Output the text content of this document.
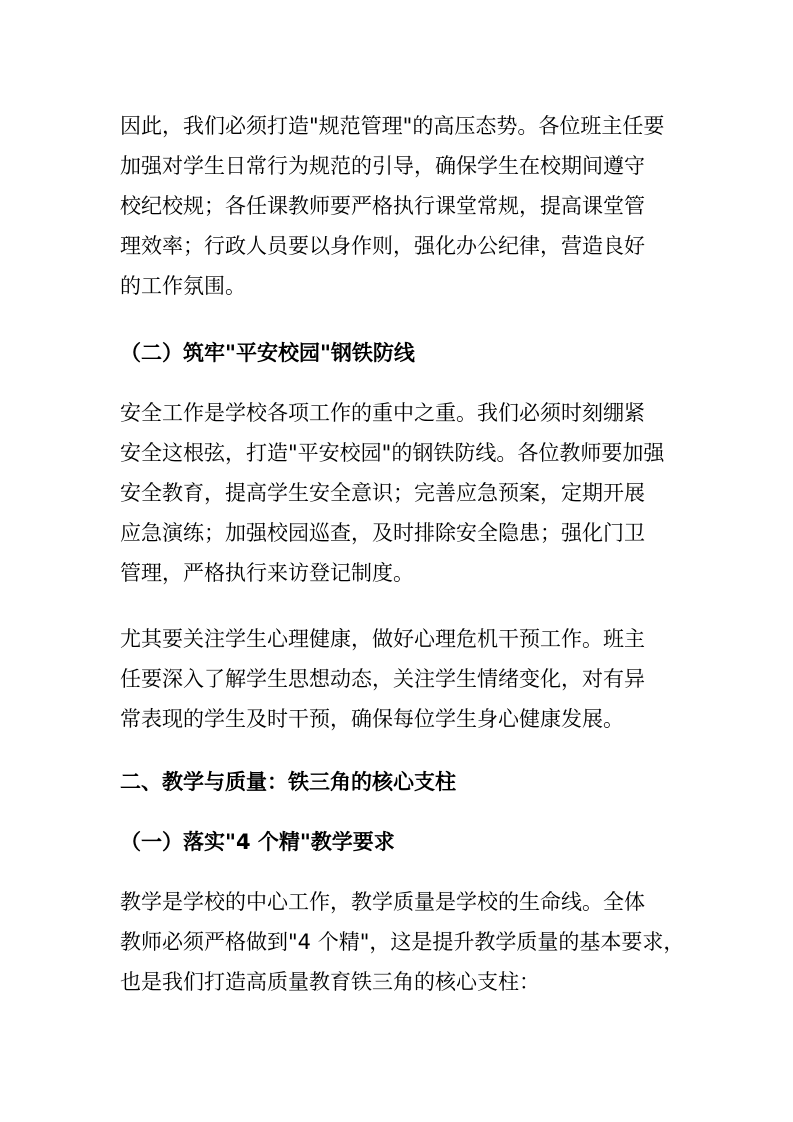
因此，我们必须打造"规范管理"的高压态势。各位班主任要
加强对学生日常行为规范的引导，确保学生在校期间遵守
校纪校规；各任课教师要严格执行课堂常规，提高课堂管
理效率；行政人员要以身作则，强化办公纪律，营造良好
的工作氛围。
（二）筑牢"平安校园"钢铁防线
安全工作是学校各项工作的重中之重。我们必须时刻绷紧
安全这根弦，打造"平安校园"的钢铁防线。各位教师要加强
安全教育，提高学生安全意识；完善应急预案，定期开展
应急演练；加强校园巡查，及时排除安全隐患；强化门卫
管理，严格执行来访登记制度。
尤其要关注学生心理健康，做好心理危机干预工作。班主
任要深入了解学生思想动态，关注学生情绪变化，对有异
常表现的学生及时干预，确保每位学生身心健康发展。
二、教学与质量：铁三角的核心支柱
（一）落实"4 个精"教学要求
教学是学校的中心工作，教学质量是学校的生命线。全体
教师必须严格做到"4 个精"，这是提升教学质量的基本要求，
也是我们打造高质量教育铁三角的核心支柱：
